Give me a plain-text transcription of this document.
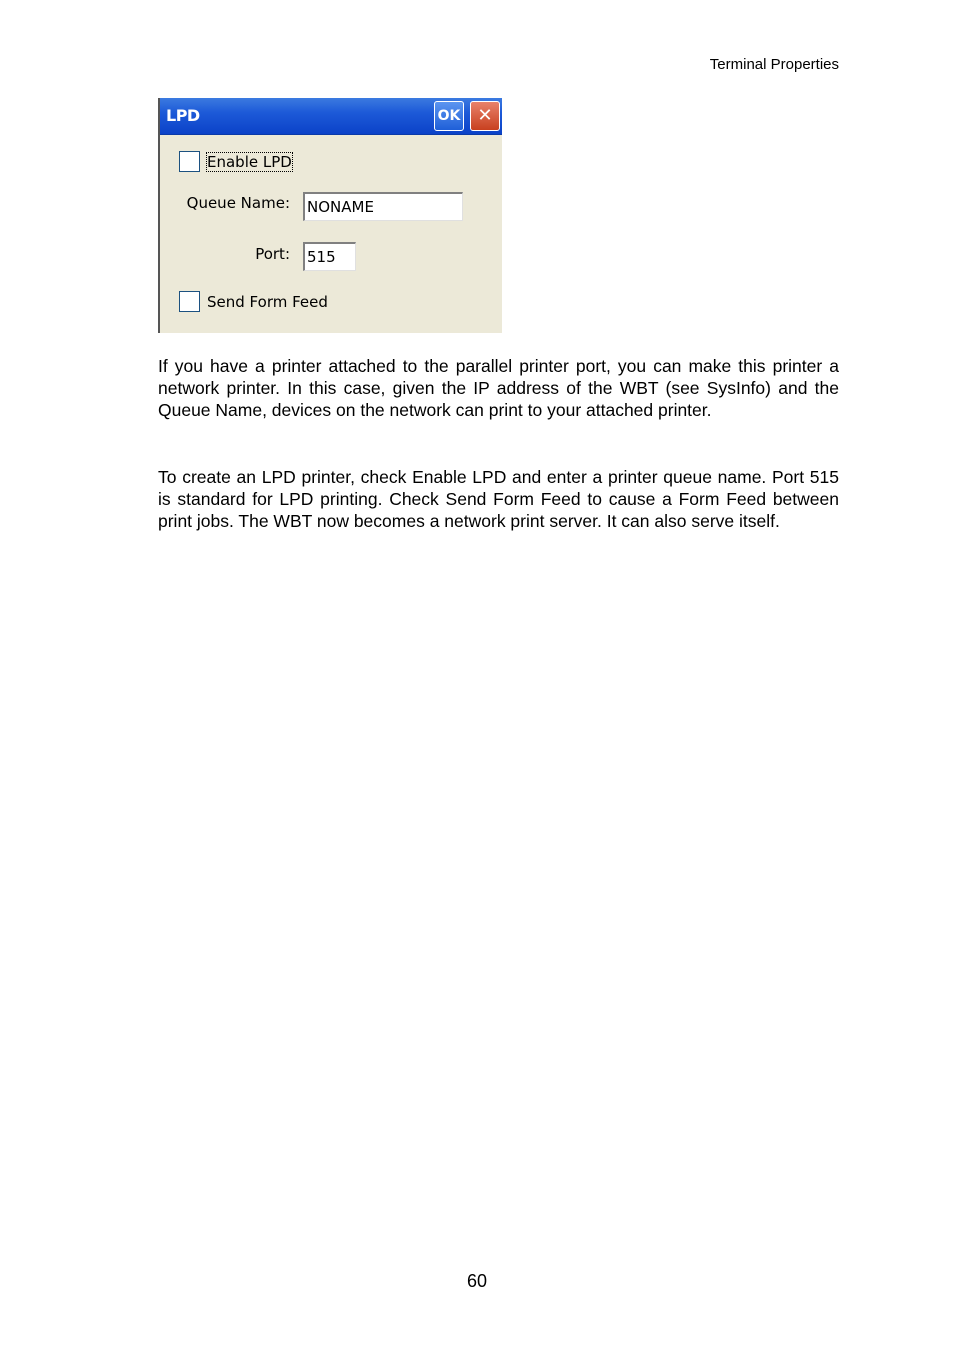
Terminal Properties
LPD	OK ✕
Enable LPD
Queue Name:
NONAME
Port:
515
Send Form Feed

If you have a printer attached to the parallel printer port, you can make this printer a network printer. In this case, given the IP address of the WBT (see SysInfo) and the Queue Name, devices on the network can print to your attached printer.

To create an LPD printer, check Enable LPD and enter a printer queue name. Port 515 is standard for LPD printing. Check Send Form Feed to cause a Form Feed between print jobs. The WBT now becomes a network print server. It can also serve itself.

60
